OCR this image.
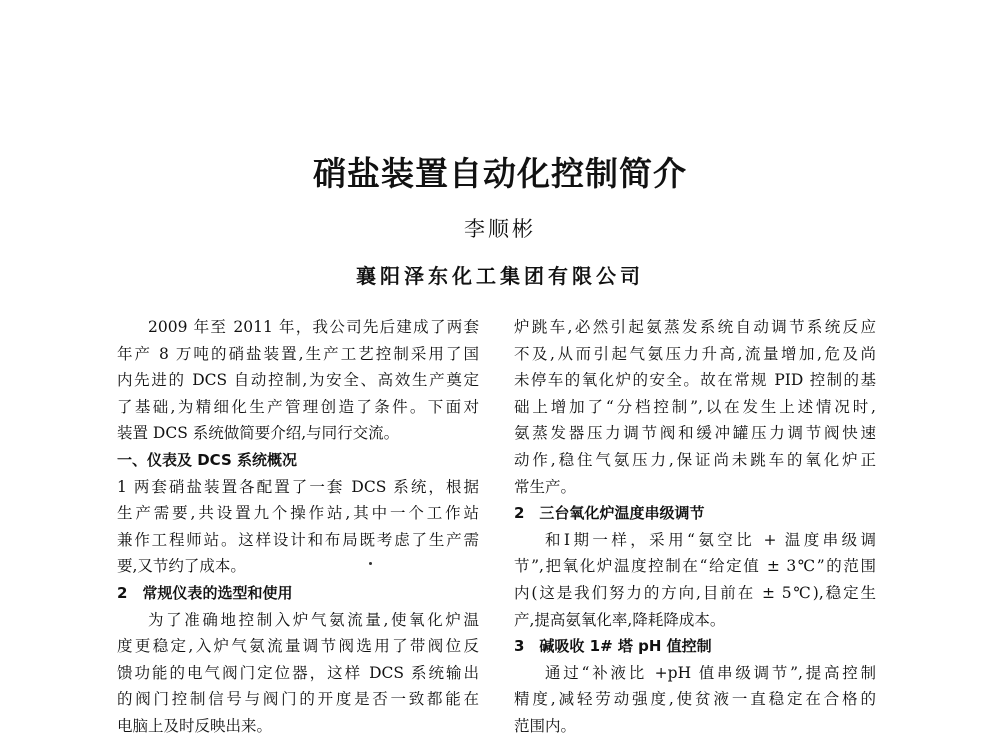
硝盐装置自动化控制简介
李顺彬
襄阳泽东化工集团有限公司
2009 年至 2011 年，我公司先后建成了两套
年产 8 万吨的硝盐装置,生产工艺控制采用了国
内先进的 DCS 自动控制,为安全、高效生产奠定
了基础,为精细化生产管理创造了条件。下面对
装置 DCS 系统做简要介绍,与同行交流。
一、仪表及 DCS 系统概况
1 两套硝盐装置各配置了一套 DCS 系统，根据
生产需要,共设置九个操作站,其中一个工作站
兼作工程师站。这样设计和布局既考虑了生产需
要,又节约了成本。
2　常规仪表的选型和使用
为了准确地控制入炉气氨流量,使氧化炉温
度更稳定,入炉气氨流量调节阀选用了带阀位反
馈功能的电气阀门定位器，这样 DCS 系统输出
的阀门控制信号与阀门的开度是否一致都能在
电脑上及时反映出来。
炉跳车,必然引起氨蒸发系统自动调节系统反应
不及,从而引起气氨压力升高,流量增加,危及尚
未停车的氧化炉的安全。故在常规 PID 控制的基
础上增加了“分档控制”,以在发生上述情况时,
氨蒸发器压力调节阀和缓冲罐压力调节阀快速
动作,稳住气氨压力,保证尚未跳车的氧化炉正
常生产。
2　三台氧化炉温度串级调节
和Ⅰ期一样，采用“氨空比 + 温度串级调
节”,把氧化炉温度控制在“给定值 ± 3℃”的范围
内(这是我们努力的方向,目前在 ± 5℃),稳定生
产,提高氨氧化率,降耗降成本。
3　碱吸收 1# 塔 pH 值控制
通过“补液比 +pH 值串级调节”,提高控制
精度,减轻劳动强度,使贫液一直稳定在合格的
范围内。
